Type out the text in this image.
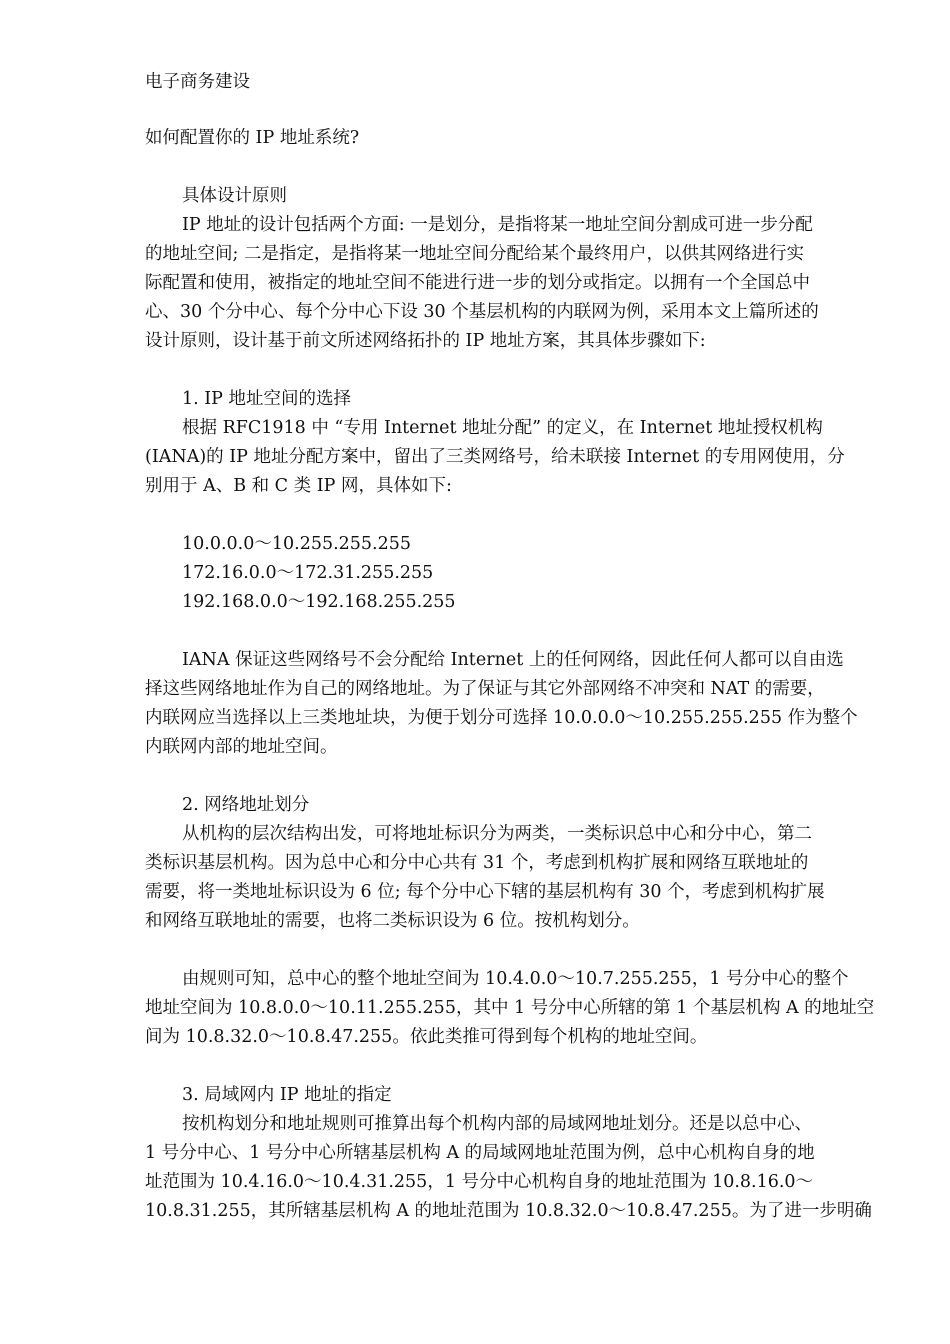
电子商务建设
如何配置你的 IP 地址系统?
具体设计原则
IP 地址的设计包括两个方面: 一是划分，是指将某一地址空间分割成可进一步分配
的地址空间; 二是指定，是指将某一地址空间分配给某个最终用户，以供其网络进行实
际配置和使用，被指定的地址空间不能进行进一步的划分或指定。以拥有一个全国总中
心、30 个分中心、每个分中心下设 30 个基层机构的内联网为例，采用本文上篇所述的
设计原则，设计基于前文所述网络拓扑的 IP 地址方案，其具体步骤如下:
1. IP 地址空间的选择
根据 RFC1918 中 “专用 Internet 地址分配” 的定义，在 Internet 地址授权机构
(IANA)的 IP 地址分配方案中，留出了三类网络号，给未联接 Internet 的专用网使用，分
别用于 A、B 和 C 类 IP 网，具体如下:
10.0.0.0～10.255.255.255
172.16.0.0～172.31.255.255
192.168.0.0～192.168.255.255
IANA 保证这些网络号不会分配给 Internet 上的任何网络，因此任何人都可以自由选
择这些网络地址作为自己的网络地址。为了保证与其它外部网络不冲突和 NAT 的需要，
内联网应当选择以上三类地址块，为便于划分可选择 10.0.0.0～10.255.255.255 作为整个
内联网内部的地址空间。
2. 网络地址划分
从机构的层次结构出发，可将地址标识分为两类，一类标识总中心和分中心，第二
类标识基层机构。因为总中心和分中心共有 31 个，考虑到机构扩展和网络互联地址的
需要，将一类地址标识设为 6 位; 每个分中心下辖的基层机构有 30 个，考虑到机构扩展
和网络互联地址的需要，也将二类标识设为 6 位。按机构划分。
由规则可知，总中心的整个地址空间为 10.4.0.0～10.7.255.255，1 号分中心的整个
地址空间为 10.8.0.0～10.11.255.255，其中 1 号分中心所辖的第 1 个基层机构 A 的地址空
间为 10.8.32.0～10.8.47.255。依此类推可得到每个机构的地址空间。
3. 局域网内 IP 地址的指定
按机构划分和地址规则可推算出每个机构内部的局域网地址划分。还是以总中心、
1 号分中心、1 号分中心所辖基层机构 A 的局域网地址范围为例，总中心机构自身的地
址范围为 10.4.16.0～10.4.31.255，1 号分中心机构自身的地址范围为 10.8.16.0～
10.8.31.255，其所辖基层机构 A 的地址范围为 10.8.32.0～10.8.47.255。为了进一步明确
